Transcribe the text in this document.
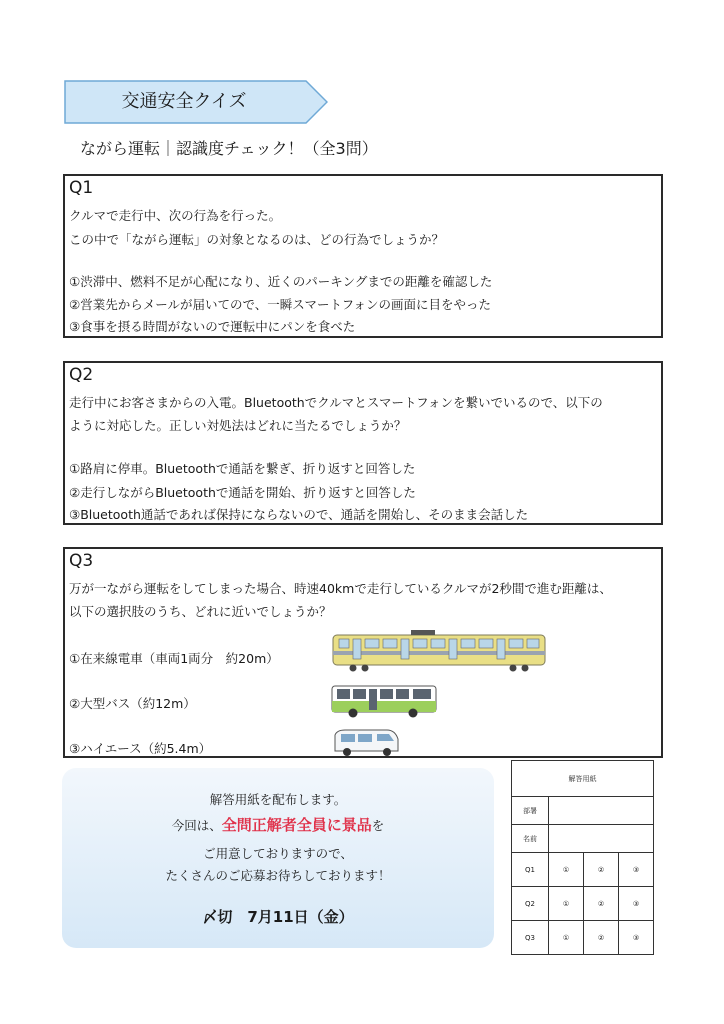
交通安全クイズ
ながら運転｜認識度チェック！（全3問）
Q1
クルマで走行中、次の行為を行った。
この中で「ながら運転」の対象となるのは、どの行為でしょうか？
①渋滞中、燃料不足が心配になり、近くのパーキングまでの距離を確認した
②営業先からメールが届いてので、一瞬スマートフォンの画面に目をやった
③食事を摂る時間がないので運転中にパンを食べた
Q2
走行中にお客さまからの入電。Bluetoothでクルマとスマートフォンを繋いでいるので、以下の
ように対応した。正しい対処法はどれに当たるでしょうか？
①路肩に停車。Bluetoothで通話を繋ぎ、折り返すと回答した
②走行しながらBluetoothで通話を開始、折り返すと回答した
③Bluetooth通話であれば保持にならないので、通話を開始し、そのまま会話した
Q3
万が一ながら運転をしてしまった場合、時速40kmで走行しているクルマが2秒間で進む距離は、
以下の選択肢のうち、どれに近いでしょうか？
①在来線電車（車両1両分　約20m）
②大型バス（約12m）
③ハイエース（約5.4m）
解答用紙を配布します。
今回は、全問正解者全員に景品を
ご用意しておりますので、
たくさんのご応募お待ちしております！
〆切　7月11日（金）
解答用紙			
部署			
名前			
Q1	①	②	③
Q2	①	②	③
Q3	①	②	③
